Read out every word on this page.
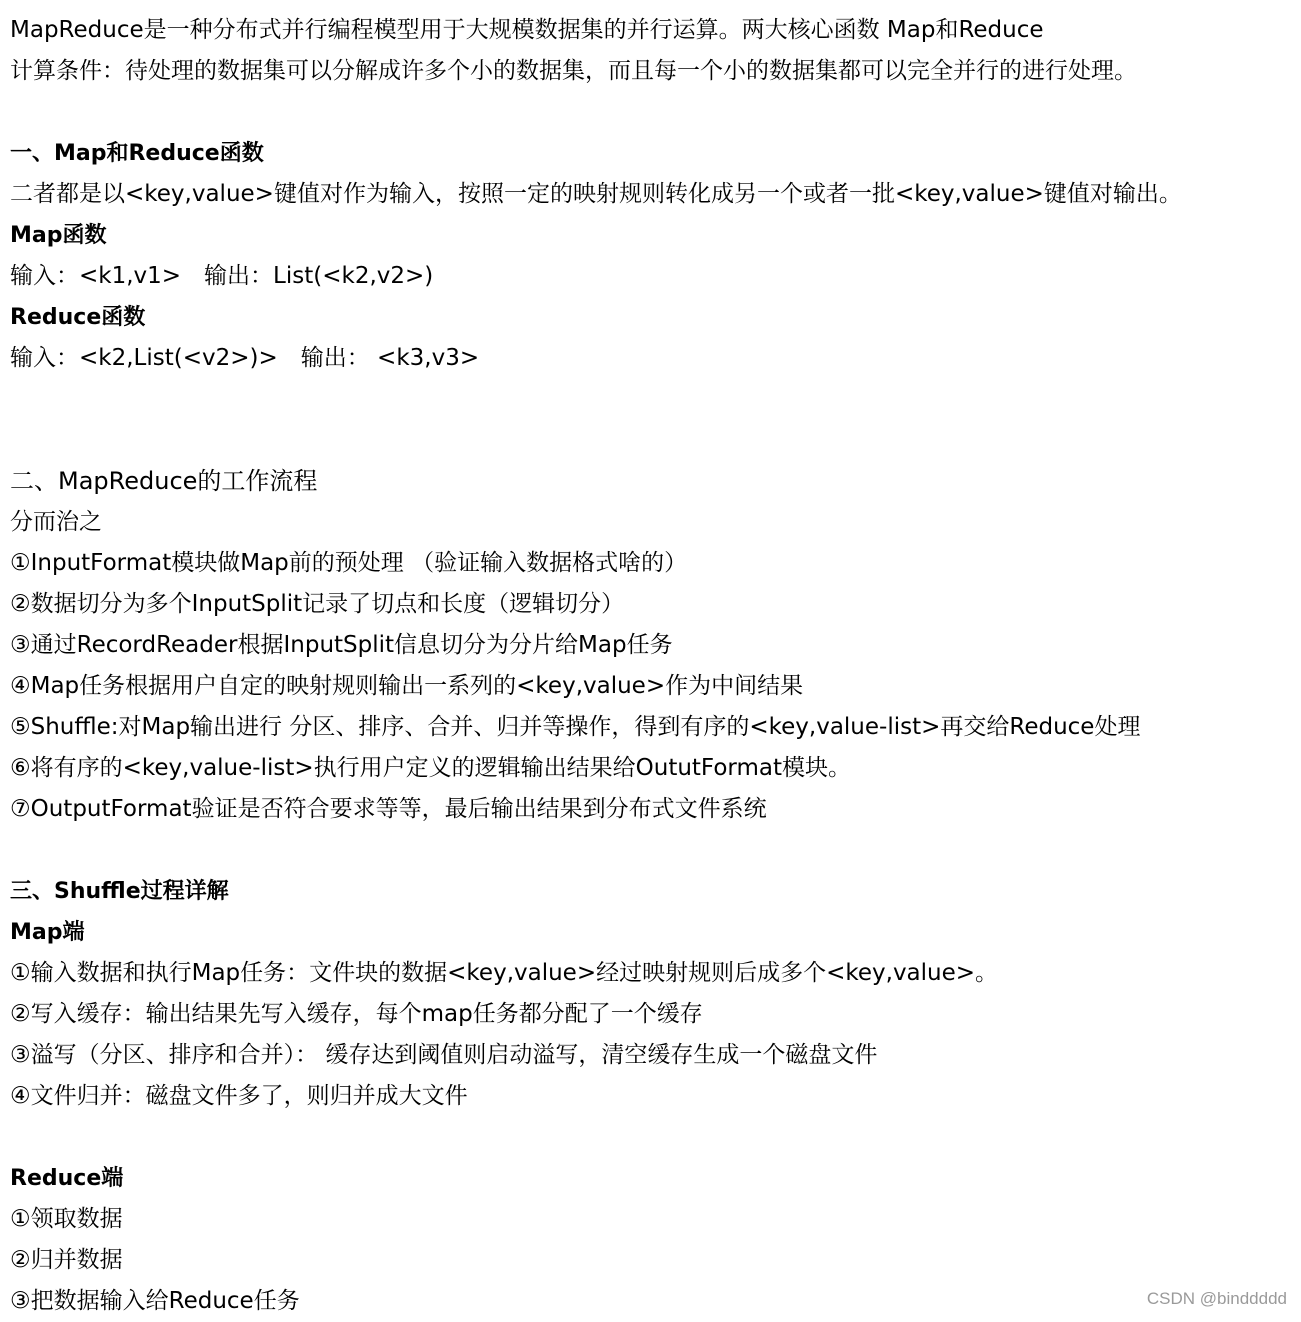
MapReduce是一种分布式并行编程模型用于大规模数据集的并行运算。两大核心函数 Map和Reduce
计算条件：待处理的数据集可以分解成许多个小的数据集，而且每一个小的数据集都可以完全并行的进行处理。
一、Map和Reduce函数
二者都是以<key,value>键值对作为输入，按照一定的映射规则转化成另一个或者一批<key,value>键值对输出。
Map函数
输入：<k1,v1>　输出：List(<k2,v2>)
Reduce函数
输入：<k2,List(<v2>)>　输出： <k3,v3>
二、MapReduce的工作流程
分而治之
①InputFormat模块做Map前的预处理 （验证输入数据格式啥的）
②数据切分为多个InputSplit记录了切点和长度（逻辑切分）
③通过RecordReader根据InputSplit信息切分为分片给Map任务
④Map任务根据用户自定的映射规则输出一系列的<key,value>作为中间结果
⑤Shuffle:对Map输出进行 分区、排序、合并、归并等操作，得到有序的<key,value-list>再交给Reduce处理
⑥将有序的<key,value-list>执行用户定义的逻辑输出结果给OututFormat模块。
⑦OutputFormat验证是否符合要求等等，最后输出结果到分布式文件系统
三、Shuffle过程详解
Map端
①输入数据和执行Map任务：文件块的数据<key,value>经过映射规则后成多个<key,value>。
②写入缓存：输出结果先写入缓存，每个map任务都分配了一个缓存
③溢写（分区、排序和合并）： 缓存达到阈值则启动溢写，清空缓存生成一个磁盘文件
④文件归并：磁盘文件多了，则归并成大文件
Reduce端
①领取数据
②归并数据
③把数据输入给Reduce任务	CSDN @binddddd
